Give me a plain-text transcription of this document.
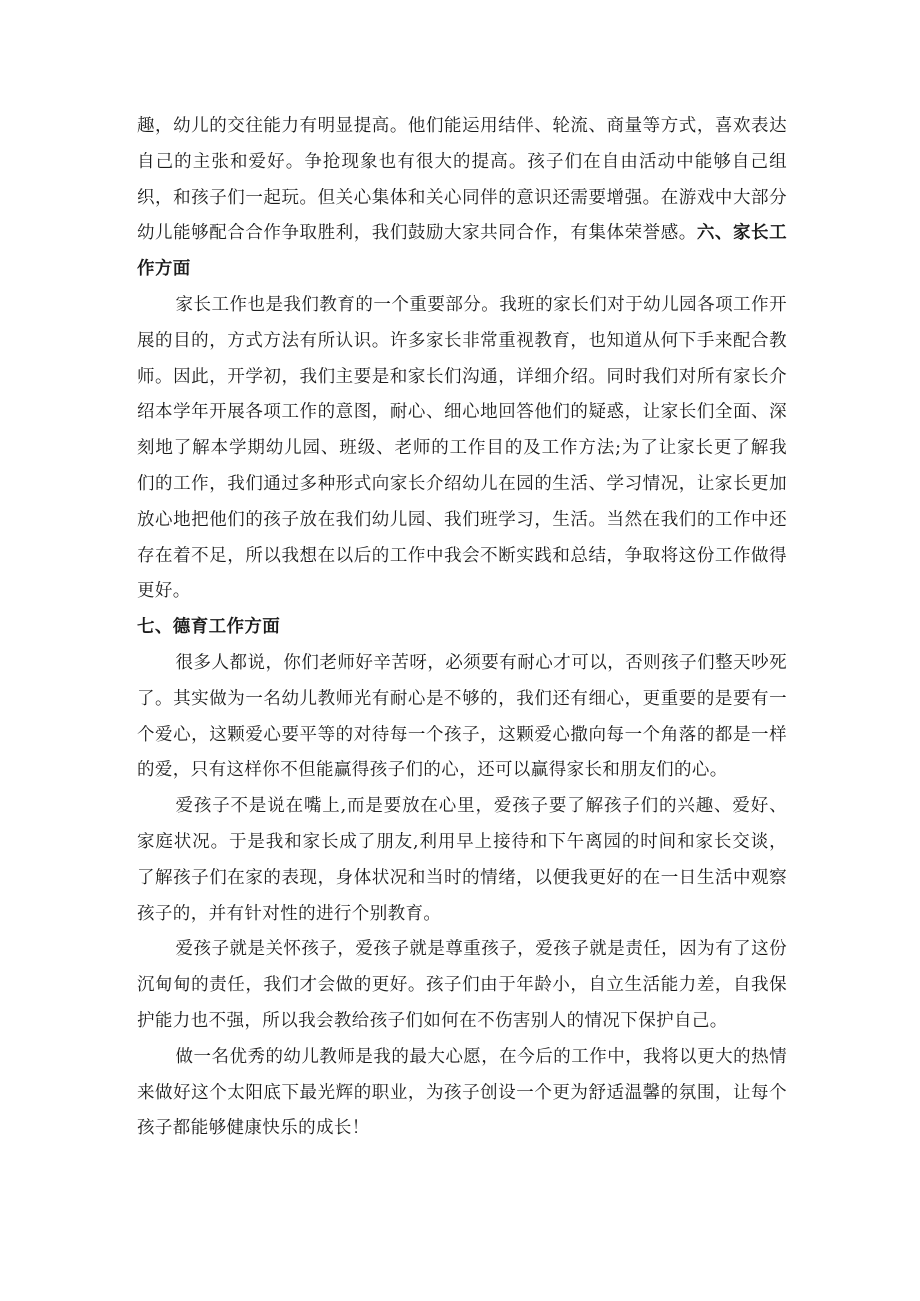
趣，幼儿的交往能力有明显提高。他们能运用结伴、轮流、商量等方式，喜欢表达自己的主张和爱好。争抢现象也有很大的提高。孩子们在自由活动中能够自己组织，和孩子们一起玩。但关心集体和关心同伴的意识还需要增强。在游戏中大部分幼儿能够配合合作争取胜利，我们鼓励大家共同合作，有集体荣誉感。六、家长工作方面

家长工作也是我们教育的一个重要部分。我班的家长们对于幼儿园各项工作开展的目的，方式方法有所认识。许多家长非常重视教育，也知道从何下手来配合教师。因此，开学初，我们主要是和家长们沟通，详细介绍。同时我们对所有家长介绍本学年开展各项工作的意图，耐心、细心地回答他们的疑惑，让家长们全面、深刻地了解本学期幼儿园、班级、老师的工作目的及工作方法;为了让家长更了解我们的工作，我们通过多种形式向家长介绍幼儿在园的生活、学习情况，让家长更加放心地把他们的孩子放在我们幼儿园、我们班学习，生活。当然在我们的工作中还存在着不足，所以我想在以后的工作中我会不断实践和总结，争取将这份工作做得更好。

七、德育工作方面

很多人都说，你们老师好辛苦呀，必须要有耐心才可以，否则孩子们整天吵死了。其实做为一名幼儿教师光有耐心是不够的，我们还有细心，更重要的是要有一个爱心，这颗爱心要平等的对待每一个孩子，这颗爱心撒向每一个角落的都是一样的爱，只有这样你不但能赢得孩子们的心，还可以赢得家长和朋友们的心。

爱孩子不是说在嘴上,而是要放在心里，爱孩子要了解孩子们的兴趣、爱好、家庭状况。于是我和家长成了朋友,利用早上接待和下午离园的时间和家长交谈，了解孩子们在家的表现，身体状况和当时的情绪，以便我更好的在一日生活中观察孩子的，并有针对性的进行个别教育。

爱孩子就是关怀孩子，爱孩子就是尊重孩子，爱孩子就是责任，因为有了这份沉甸甸的责任，我们才会做的更好。孩子们由于年龄小，自立生活能力差，自我保护能力也不强，所以我会教给孩子们如何在不伤害别人的情况下保护自己。

做一名优秀的幼儿教师是我的最大心愿，在今后的工作中，我将以更大的热情来做好这个太阳底下最光辉的职业，为孩子创设一个更为舒适温馨的氛围，让每个孩子都能够健康快乐的成长！
